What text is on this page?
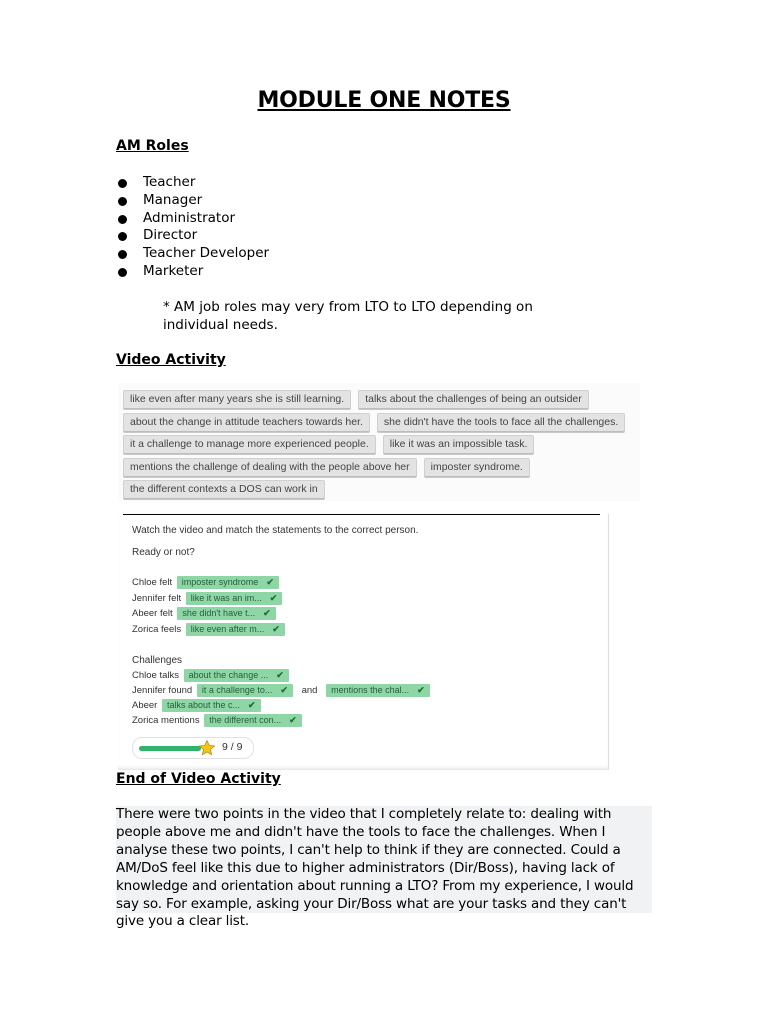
MODULE ONE NOTES
AM Roles
Teacher
Manager
Administrator
Director
Teacher Developer
Marketer
* AM job roles may very from LTO to LTO depending on individual needs.
Video Activity
like even after many years she is still learning. talks about the challenges of being an outsider
about the change in attitude teachers towards her. she didn't have the tools to face all the challenges.
it a challenge to manage more experienced people. like it was an impossible task.
mentions the challenge of dealing with the people above her imposter syndrome.
the different contexts a DOS can work in
Watch the video and match the statements to the correct person.
Ready or not?
Chloe felt imposter syndrome ✔
Jennifer felt like it was an im... ✔
Abeer felt she didn't have t... ✔
Zorica feels like even after m... ✔
Challenges
Chloe talks about the change ... ✔
Jennifer found it a challenge to... ✔ and mentions the chal... ✔
Abeer talks about the c... ✔
Zorica mentions the different con... ✔
9 / 9
End of Video Activity
There were two points in the video that I completely relate to: dealing with people above me and didn't have the tools to face the challenges. When I analyse these two points, I can't help to think if they are connected. Could a AM/DoS feel like this due to higher administrators (Dir/Boss), having lack of knowledge and orientation about running a LTO? From my experience, I would say so. For example, asking your Dir/Boss what are your tasks and they can't give you a clear list.
